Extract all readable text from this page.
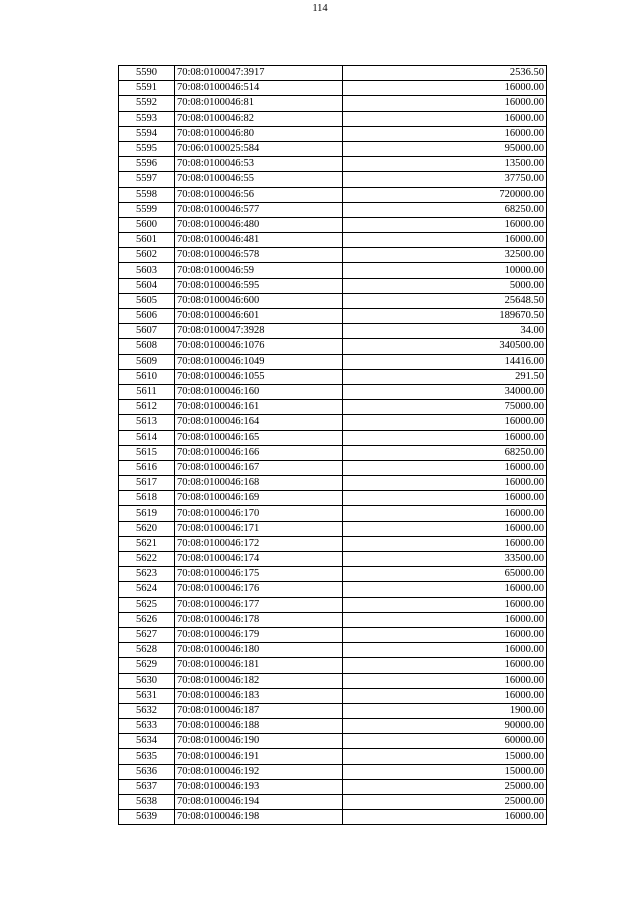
114
5590	70:08:0100047:3917	2536.50
5591	70:08:0100046:514	16000.00
5592	70:08:0100046:81	16000.00
5593	70:08:0100046:82	16000.00
5594	70:08:0100046:80	16000.00
5595	70:06:0100025:584	95000.00
5596	70:08:0100046:53	13500.00
5597	70:08:0100046:55	37750.00
5598	70:08:0100046:56	720000.00
5599	70:08:0100046:577	68250.00
5600	70:08:0100046:480	16000.00
5601	70:08:0100046:481	16000.00
5602	70:08:0100046:578	32500.00
5603	70:08:0100046:59	10000.00
5604	70:08:0100046:595	5000.00
5605	70:08:0100046:600	25648.50
5606	70:08:0100046:601	189670.50
5607	70:08:0100047:3928	34.00
5608	70:08:0100046:1076	340500.00
5609	70:08:0100046:1049	14416.00
5610	70:08:0100046:1055	291.50
5611	70:08:0100046:160	34000.00
5612	70:08:0100046:161	75000.00
5613	70:08:0100046:164	16000.00
5614	70:08:0100046:165	16000.00
5615	70:08:0100046:166	68250.00
5616	70:08:0100046:167	16000.00
5617	70:08:0100046:168	16000.00
5618	70:08:0100046:169	16000.00
5619	70:08:0100046:170	16000.00
5620	70:08:0100046:171	16000.00
5621	70:08:0100046:172	16000.00
5622	70:08:0100046:174	33500.00
5623	70:08:0100046:175	65000.00
5624	70:08:0100046:176	16000.00
5625	70:08:0100046:177	16000.00
5626	70:08:0100046:178	16000.00
5627	70:08:0100046:179	16000.00
5628	70:08:0100046:180	16000.00
5629	70:08:0100046:181	16000.00
5630	70:08:0100046:182	16000.00
5631	70:08:0100046:183	16000.00
5632	70:08:0100046:187	1900.00
5633	70:08:0100046:188	90000.00
5634	70:08:0100046:190	60000.00
5635	70:08:0100046:191	15000.00
5636	70:08:0100046:192	15000.00
5637	70:08:0100046:193	25000.00
5638	70:08:0100046:194	25000.00
5639	70:08:0100046:198	16000.00
